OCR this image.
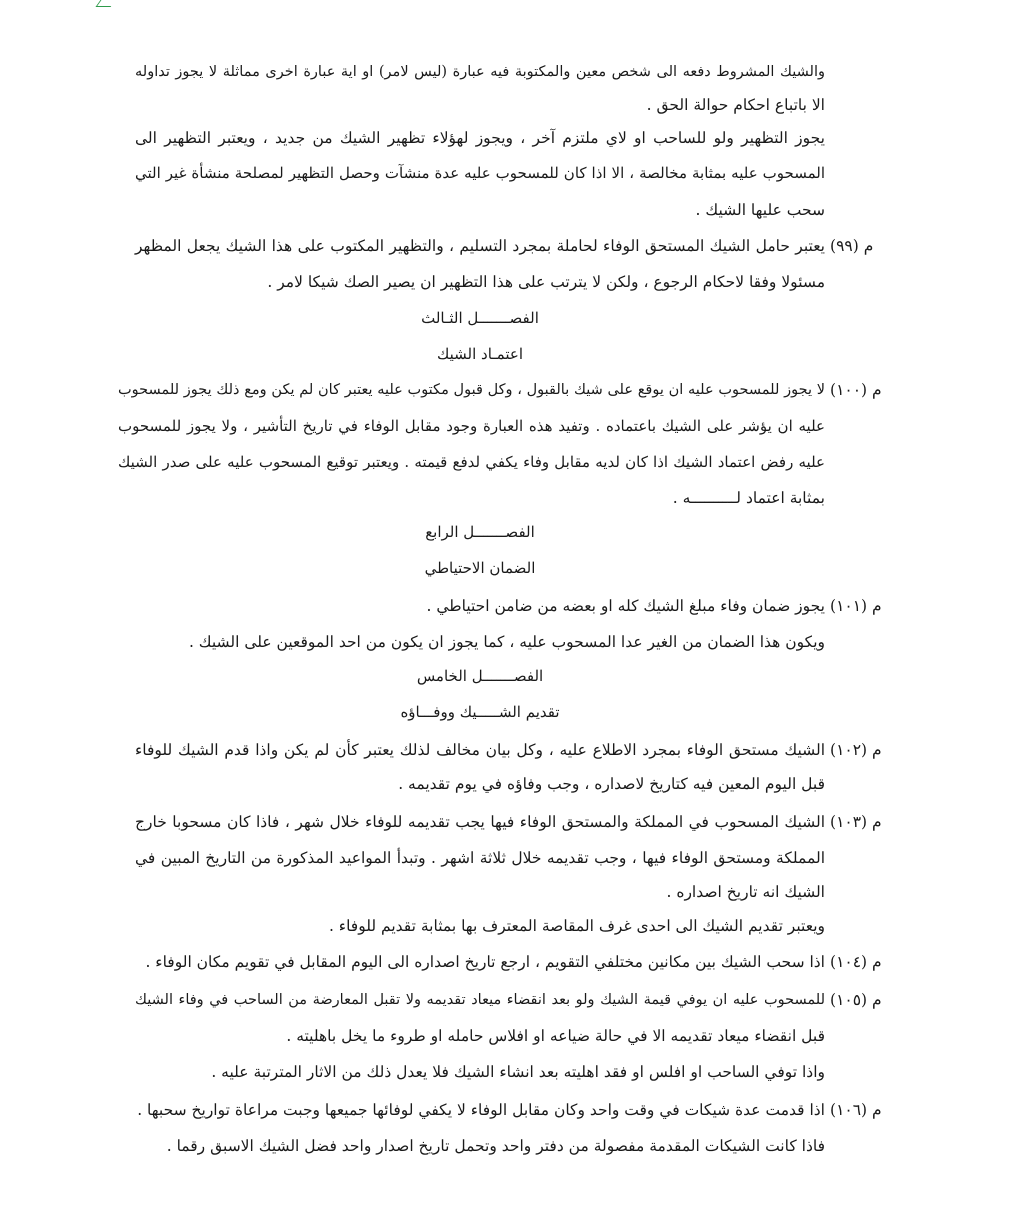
والشيك المشروط دفعه الى شخص معين والمكتوبة فيه عبارة (ليس لامر) او اية عبارة اخرى مماثلة لا يجوز تداوله
الا باتباع احكام حوالة الحق .
يجوز التظهير ولو للساحب او لاي ملتزم آخر ، ويجوز لهؤلاء تظهير الشيك من جديد ، ويعتبر التظهير الى
المسحوب عليه بمثابة مخالصة ، الا اذا كان للمسحوب عليه عدة منشآت وحصل التظهير لمصلحة منشأة غير التي
سحب عليها الشيك .
م (٩٩)
يعتبر حامل الشيك المستحق الوفاء لحاملة بمجرد التسليم ، والتظهير المكتوب على هذا الشيك يجعل المظهر
مسئولا وفقا لاحكام الرجوع ، ولكن لا يترتب على هذا التظهير ان يصير الصك شيكا لامر .
الفصـــــــل الثـالث
اعتمـاد الشيك
م (١٠٠)
لا يجوز للمسحوب عليه ان يوقع على شيك بالقبول ، وكل قبول مكتوب عليه يعتبر كان لم يكن ومع ذلك يجوز للمسحوب
عليه ان يؤشر على الشيك باعتماده . وتفيد هذه العبارة وجود مقابل الوفاء في تاريخ التأشير ، ولا يجوز للمسحوب
عليه رفض اعتماد الشيك اذا كان لديه مقابل وفاء يكفي لدفع قيمته . ويعتبر توقيع المسحوب عليه على صدر الشيك
بمثابة اعتماد لــــــــــه .
الفصـــــــل الرابع
الضمان الاحتياطي
م (١٠١)
يجوز ضمان وفاء مبلغ الشيك كله او بعضه من ضامن احتياطي .
ويكون هذا الضمان من الغير عدا المسحوب عليه ، كما يجوز ان يكون من احد الموقعين على الشيك .
الفصـــــــل الخامس
تقديم الشـــــيك ووفـــاؤه
م (١٠٢)
الشيك مستحق الوفاء بمجرد الاطلاع عليه ، وكل بيان مخالف لذلك يعتبر كأن لم يكن واذا قدم الشيك للوفاء
قبل اليوم المعين فيه كتاريخ لاصداره ، وجب وفاؤه في يوم تقديمه .
م (١٠٣)
الشيك المسحوب في المملكة والمستحق الوفاء فيها يجب تقديمه للوفاء خلال شهر ، فاذا كان مسحوبا خارج
المملكة ومستحق الوفاء فيها ، وجب تقديمه خلال ثلاثة اشهر . وتبدأ المواعيد المذكورة من التاريخ المبين في
الشيك انه تاريخ اصداره .
ويعتبر تقديم الشيك الى احدى غرف المقاصة المعترف بها بمثابة تقديم للوفاء .
م (١٠٤)
اذا سحب الشيك بين مكانين مختلفي التقويم ، ارجع تاريخ اصداره الى اليوم المقابل في تقويم مكان الوفاء .
م (١٠٥)
للمسحوب عليه ان يوفي قيمة الشيك ولو بعد انقضاء ميعاد تقديمه ولا تقبل المعارضة من الساحب في وفاء الشيك
قبل انقضاء ميعاد تقديمه الا في حالة ضياعه او افلاس حامله او طروء ما يخل باهليته .
واذا توفي الساحب او افلس او فقد اهليته بعد انشاء الشيك فلا يعدل ذلك من الاثار المترتبة عليه .
م (١٠٦)
اذا قدمت عدة شيكات في وقت واحد وكان مقابل الوفاء لا يكفي لوفائها جميعها وجبت مراعاة تواريخ سحبها .
فاذا كانت الشيكات المقدمة مفصولة من دفتر واحد وتحمل تاريخ اصدار واحد فضل الشيك الاسبق رقما .
